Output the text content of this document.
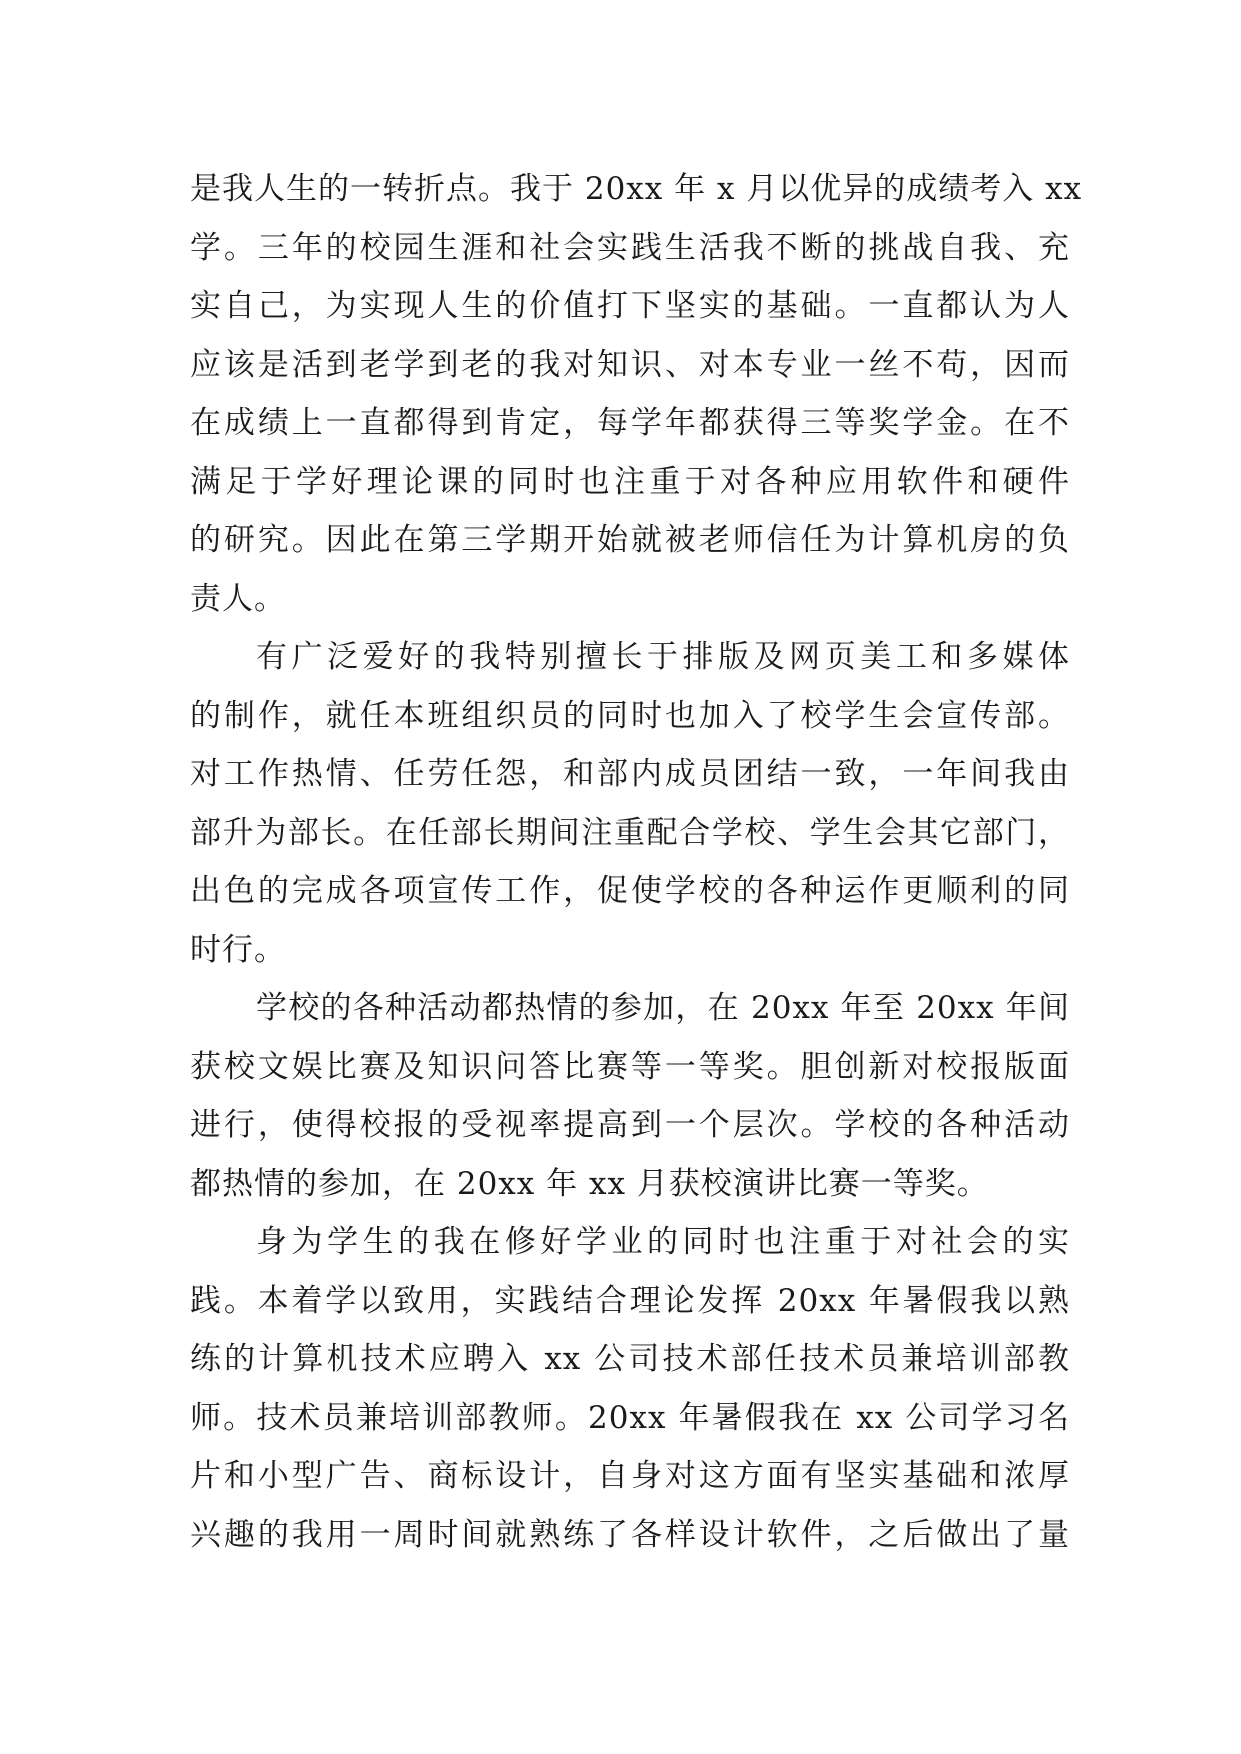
是我人生的一转折点。我于 20xx 年 x 月以优异的成绩考入 xx
学。三年的校园生涯和社会实践生活我不断的挑战自我、充
实自己，为实现人生的价值打下坚实的基础。一直都认为人
应该是活到老学到老的我对知识、对本专业一丝不苟，因而
在成绩上一直都得到肯定，每学年都获得三等奖学金。在不
满足于学好理论课的同时也注重于对各种应用软件和硬件
的研究。因此在第三学期开始就被老师信任为计算机房的负
责人。
有广泛爱好的我特别擅长于排版及网页美工和多媒体
的制作，就任本班组织员的同时也加入了校学生会宣传部。
对工作热情、任劳任怨，和部内成员团结一致，一年间我由
部升为部长。在任部长期间注重配合学校、学生会其它部门，
出色的完成各项宣传工作，促使学校的各种运作更顺利的同
时行。
学校的各种活动都热情的参加，在 20xx 年至 20xx 年间
获校文娱比赛及知识问答比赛等一等奖。胆创新对校报版面
进行，使得校报的受视率提高到一个层次。学校的各种活动
都热情的参加，在 20xx 年 xx 月获校演讲比赛一等奖。
身为学生的我在修好学业的同时也注重于对社会的实
践。本着学以致用，实践结合理论发挥 20xx 年暑假我以熟
练的计算机技术应聘入 xx 公司技术部任技术员兼培训部教
师。技术员兼培训部教师。20xx 年暑假我在 xx 公司学习名
片和小型广告、商标设计，自身对这方面有坚实基础和浓厚
兴趣的我用一周时间就熟练了各样设计软件，之后做出了量
